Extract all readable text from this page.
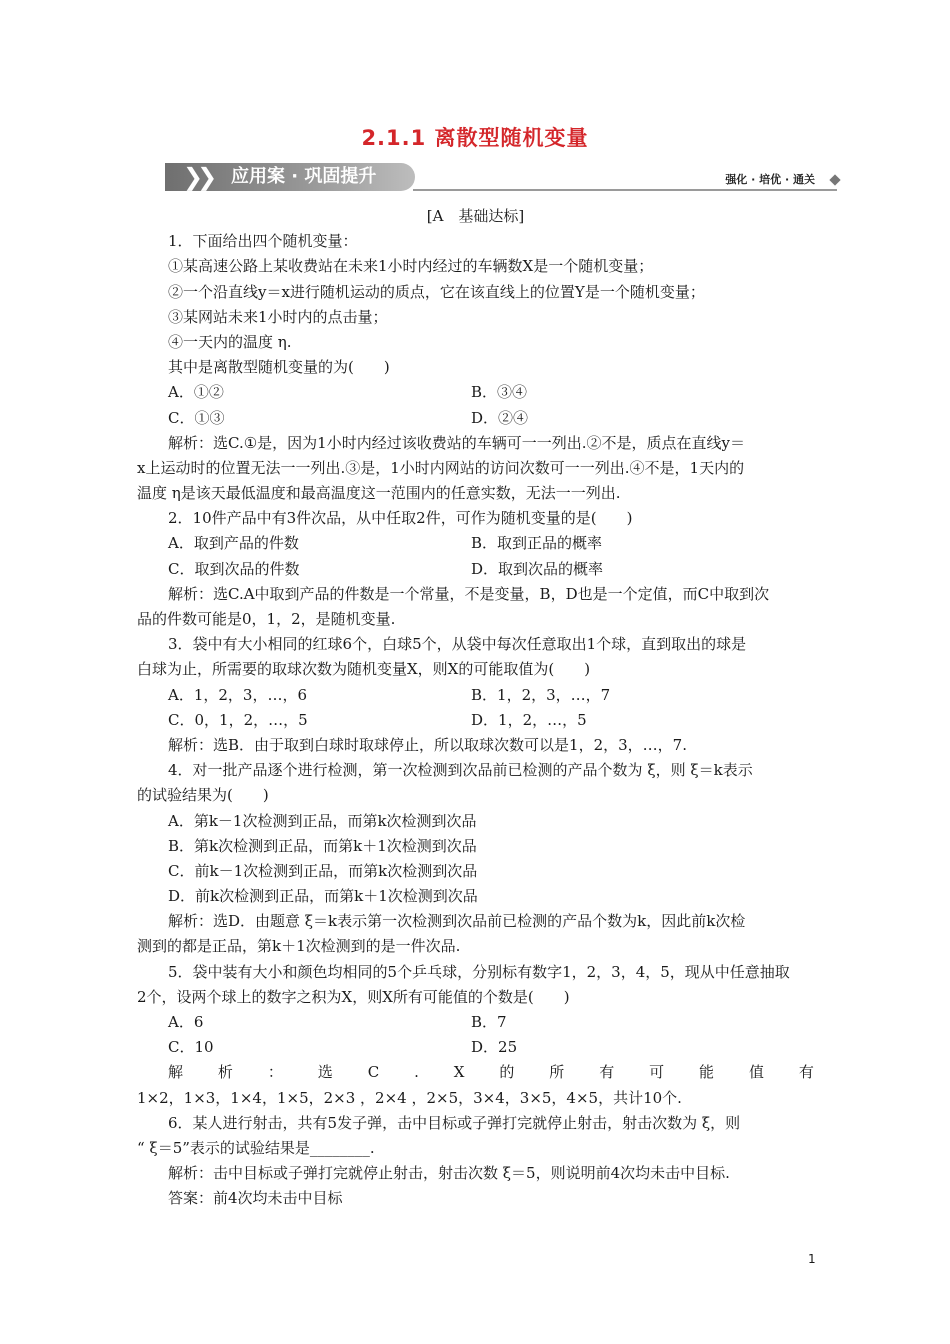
2.1.1 离散型随机变量
❯❯ 应用案 · 巩固提升	强化 · 培优 · 通关
[A　基础达标]
1．下面给出四个随机变量：
①某高速公路上某收费站在未来1小时内经过的车辆数X是一个随机变量；
②一个沿直线y＝x进行随机运动的质点，它在该直线上的位置Y是一个随机变量；
③某网站未来1小时内的点击量；
④一天内的温度 η.
其中是离散型随机变量的为(　　)
A．①②	B．③④
C．①③	D．②④
解析：选C.①是，因为1小时内经过该收费站的车辆可一一列出.②不是，质点在直线y＝
x上运动时的位置无法一一列出.③是，1小时内网站的访问次数可一一列出.④不是，1天内的
温度 η是该天最低温度和最高温度这一范围内的任意实数，无法一一列出.
2．10件产品中有3件次品，从中任取2件，可作为随机变量的是(　　)
A．取到产品的件数	B．取到正品的概率
C．取到次品的件数	D．取到次品的概率
解析：选C.A中取到产品的件数是一个常量，不是变量，B，D也是一个定值，而C中取到次
品的件数可能是0，1，2，是随机变量.
3．袋中有大小相同的红球6个，白球5个，从袋中每次任意取出1个球，直到取出的球是
白球为止，所需要的取球次数为随机变量X，则X的可能取值为(　　)
A．1，2，3，…，6	B．1，2，3，…，7
C．0，1，2，…，5	D．1，2，…，5
解析：选B．由于取到白球时取球停止，所以取球次数可以是1，2，3，…，7.
4．对一批产品逐个进行检测，第一次检测到次品前已检测的产品个数为 ξ，则 ξ＝k表示
的试验结果为(　　)
A．第k－1次检测到正品，而第k次检测到次品
B．第k次检测到正品，而第k＋1次检测到次品
C．前k－1次检测到正品，而第k次检测到次品
D．前k次检测到正品，而第k＋1次检测到次品
解析：选D．由题意 ξ＝k表示第一次检测到次品前已检测的产品个数为k，因此前k次检
测到的都是正品，第k＋1次检测到的是一件次品.
5．袋中装有大小和颜色均相同的5个乒乓球，分别标有数字1，2，3，4，5，现从中任意抽取
2个，设两个球上的数字之积为X，则X所有可能值的个数是(　　)
A．6	B．7
C．10	D．25
解 析 ： 选 C . X 的 所 有 可 能 值 有
1×2，1×3，1×4，1×5，2×3 ，2×4 ，2×5，3×4，3×5，4×5，共计10个.
6．某人进行射击，共有5发子弹，击中目标或子弹打完就停止射击，射击次数为 ξ，则
“ ξ＝5”表示的试验结果是________.
解析：击中目标或子弹打完就停止射击，射击次数 ξ＝5，则说明前4次均未击中目标.
答案：前4次均未击中目标
1
